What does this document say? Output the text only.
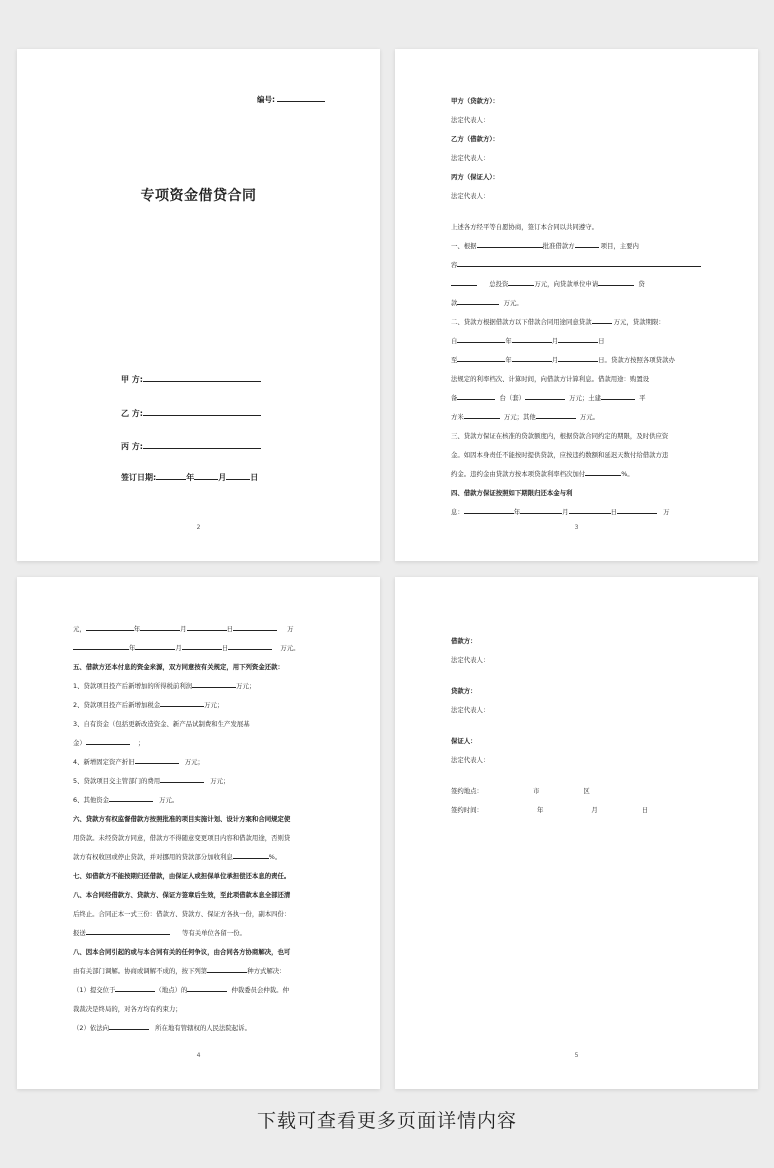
编号:
专项资金借贷合同
甲 方:
乙 方:
丙 方:
签订日期:	年	月	日
2
甲方（贷款方）：
法定代表人：
乙方（借款方）：
法定代表人：
丙方（保证人）：
法定代表人：
上述各方经平等自愿协商，签订本合同以共同遵守。
一、根据	批准借款方	项目，主要内
容
总投资	万元，向贷款单位申请	贷
款	万元。
二、贷款方根据借款方以下借款合同用途同意贷款	万元，贷款期限：
自	年	月	日
至	年	月	日。贷款方按照各项贷款办
法规定的利率档次、计算时间，向借款方计算利息。借款用途：购置设
备	台（套）	万元；土建	平
方米	万元；其他	万元。
三、贷款方保证在核准的贷款额度内，根据贷款合同约定的期限，及时供应资
金。如因本身责任不能按时提供贷款，应按违约数额和延迟天数付给借款方违
约金。违约金由贷款方按本项贷款利率档次加付	%。
四、借款方保证按照如下期限归还本金与利
息：	年	月	日	万
3
元，	年	月	日	万
年	月	日	万元。
五、借款方还本付息的资金来源，双方同意按有关规定，用下列资金还款：
1、贷款项目投产后新增加的所得税前利润	万元；
2、贷款项目投产后新增加税金	万元；
3、自有资金（包括更新改造资金、新产品试制费和生产发展基
金）	；
4、新增固定资产折旧	万元；
5、贷款项目交主管部门的费用	万元；
6、其他资金	万元。
六、贷款方有权监督借款方按照批准的项目实施计划、设计方案和合同规定使
用贷款。未经贷款方同意，借款方不得随意变更项目内容和借款用途，否则贷
款方有权收回或停止贷款，并对挪用的贷款部分加收利息	%。
七、如借款方不能按期归还借款，由保证人或担保单位承担偿还本息的责任。
八、本合同经借款方、贷款方、保证方签章后生效，至此项借款本息全部还清
后终止。合同正本一式三份：借款方、贷款方、保证方各执一份，副本四份：
报送	等有关单位各留一份。
八、因本合同引起的或与本合同有关的任何争议，由合同各方协商解决，也可
由有关部门调解。协商或调解不成的，按下列第	种方式解决：
（1）提交位于	（地点）的	仲裁委员会仲裁。仲
裁裁决是终局的，对各方均有约束力；
（2）依法向	所在地有管辖权的人民法院起诉。
4
借款方：
法定代表人：
贷款方：
法定代表人：
保证人：
法定代表人：
签约地点：	市	区
签约时间：	年	月	日
5
下载可查看更多页面详情内容
